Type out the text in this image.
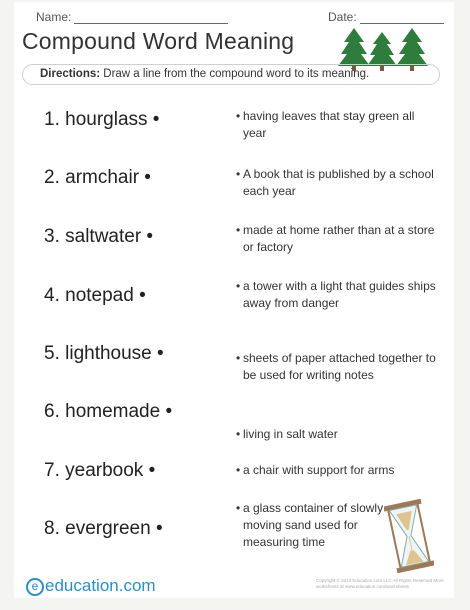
Name:	Date:
Compound Word Meaning
Directions: Draw a line from the compound word to its meaning.
1. hourglass •
2. armchair •
3. saltwater •
4. notepad •
5. lighthouse •
6. homemade •
7. yearbook •
8. evergreen •
• having leaves that stay green all year
• A book that is published by a school each year
• made at home rather than at a store or factory
• a tower with a light that guides ships away from danger
• sheets of paper attached together to be used for writing notes
• living in salt water
• a chair with support for arms
• a glass container of slowly moving sand used for measuring time
e education.com	Copyright © 2013 Education.com LLC All Rights Reserved More worksheets at www.education.com/worksheets
